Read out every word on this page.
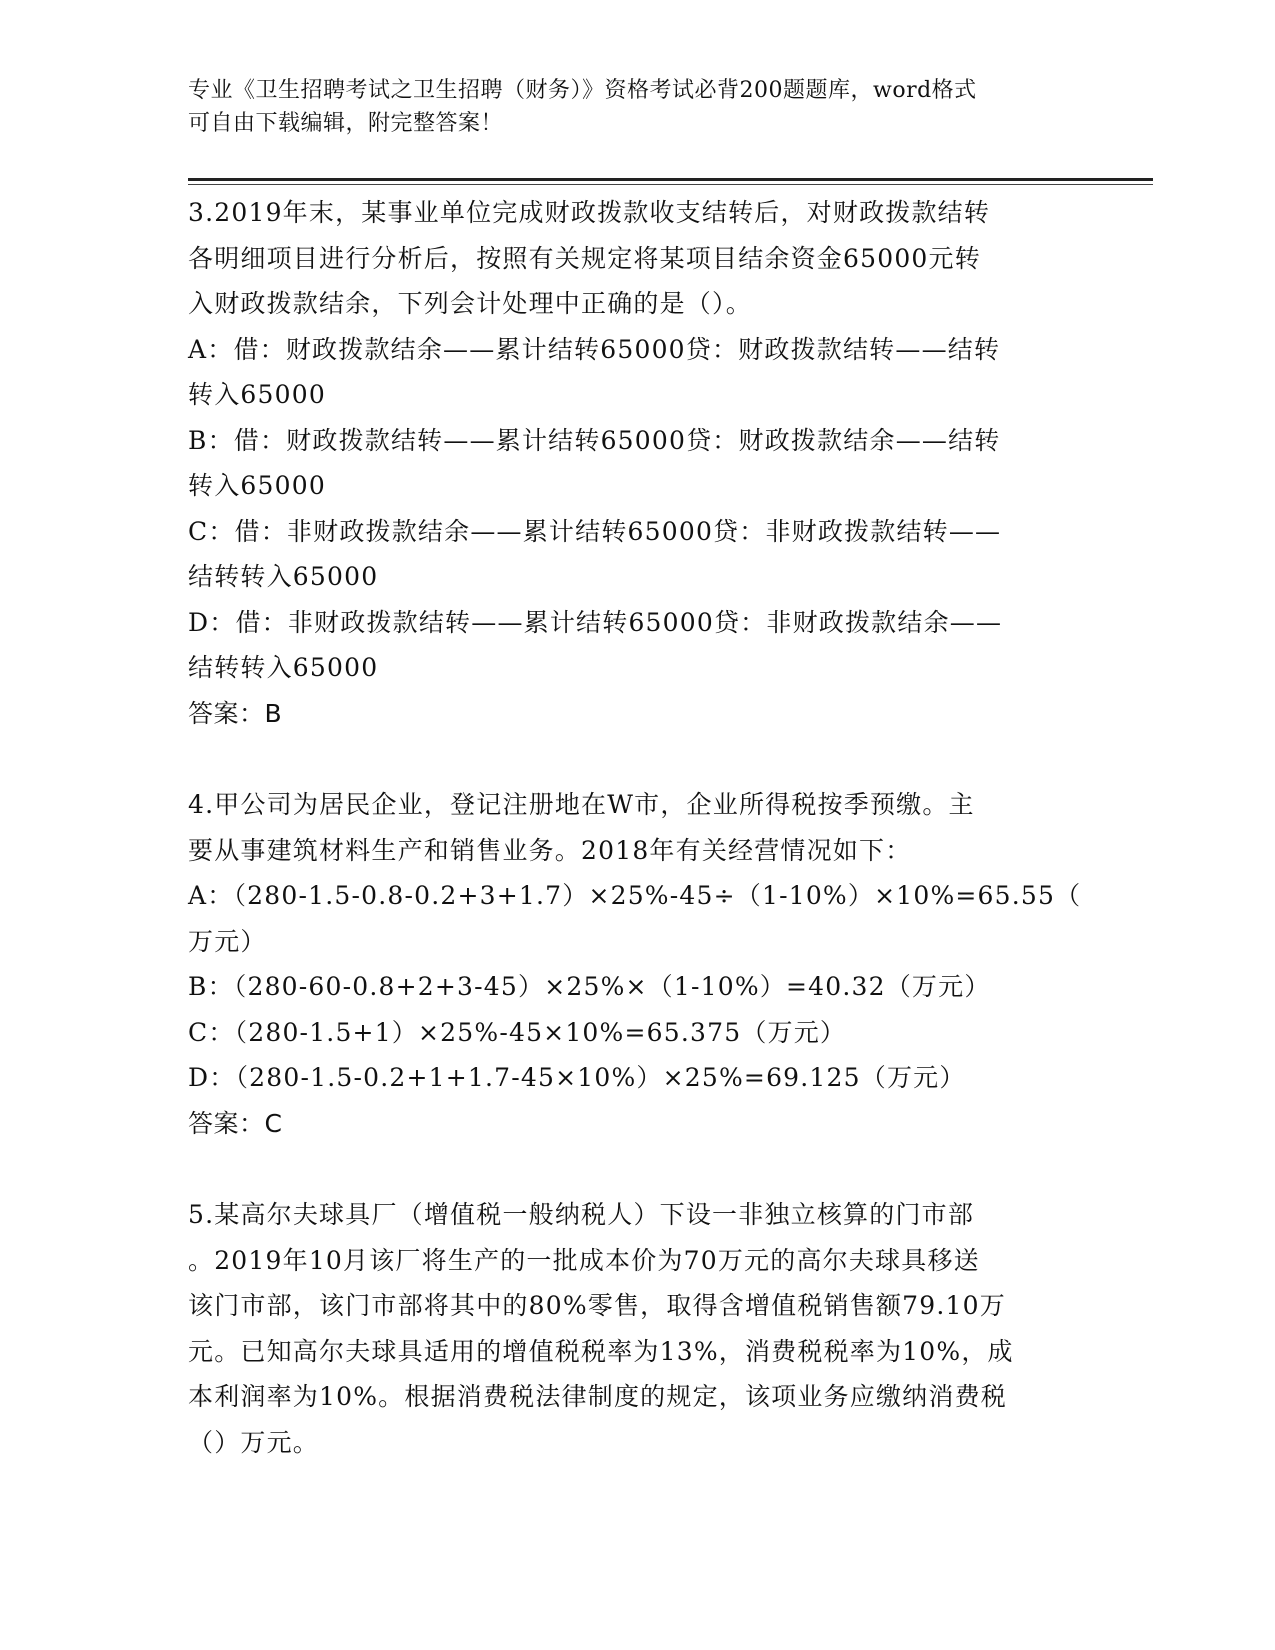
专业《卫生招聘考试之卫生招聘（财务）》资格考试必背200题题库，word格式
可自由下载编辑，附完整答案！
3.2019年末，某事业单位完成财政拨款收支结转后，对财政拨款结转
各明细项目进行分析后，按照有关规定将某项目结余资金65000元转
入财政拨款结余，下列会计处理中正确的是（）。
A：借：财政拨款结余——累计结转65000贷：财政拨款结转——结转
转入65000
B：借：财政拨款结转——累计结转65000贷：财政拨款结余——结转
转入65000
C：借：非财政拨款结余——累计结转65000贷：非财政拨款结转——
结转转入65000
D：借：非财政拨款结转——累计结转65000贷：非财政拨款结余——
结转转入65000
答案：B
4.甲公司为居民企业，登记注册地在W市，企业所得税按季预缴。主
要从事建筑材料生产和销售业务。2018年有关经营情况如下：
A：（280-1.5-0.8-0.2+3+1.7）×25%-45÷（1-10%）×10%=65.55（
万元）
B：（280-60-0.8+2+3-45）×25%×（1-10%）=40.32（万元）
C：（280-1.5+1）×25%-45×10%=65.375（万元）
D：（280-1.5-0.2+1+1.7-45×10%）×25%=69.125（万元）
答案：C
5.某高尔夫球具厂（增值税一般纳税人）下设一非独立核算的门市部
。2019年10月该厂将生产的一批成本价为70万元的高尔夫球具移送
该门市部，该门市部将其中的80%零售，取得含增值税销售额79.10万
元。已知高尔夫球具适用的增值税税率为13%，消费税税率为10%，成
本利润率为10%。根据消费税法律制度的规定，该项业务应缴纳消费税
（）万元。
